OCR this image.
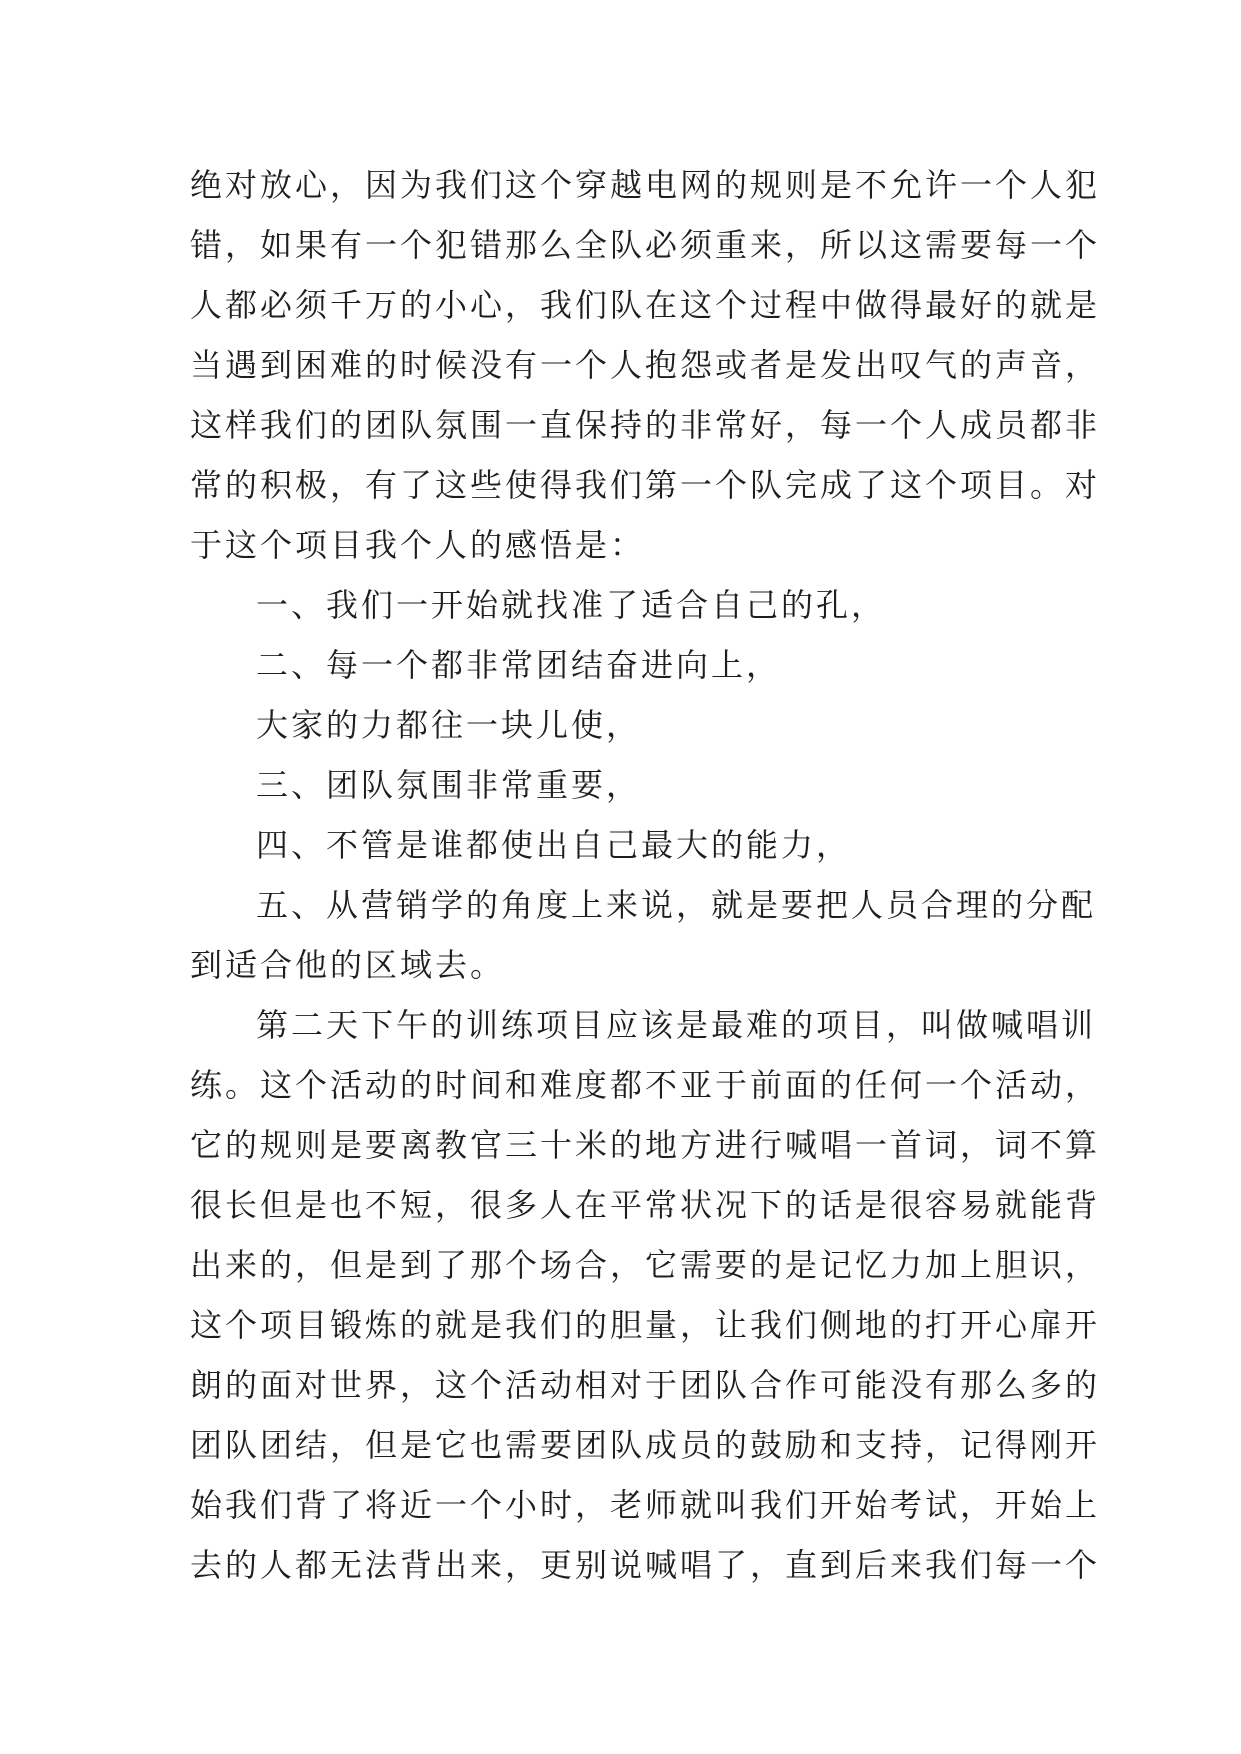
绝对放心，因为我们这个穿越电网的规则是不允许一个人犯
错，如果有一个犯错那么全队必须重来，所以这需要每一个
人都必须千万的小心，我们队在这个过程中做得最好的就是
当遇到困难的时候没有一个人抱怨或者是发出叹气的声音，
这样我们的团队氛围一直保持的非常好，每一个人成员都非
常的积极，有了这些使得我们第一个队完成了这个项目。对
于这个项目我个人的感悟是：
一、我们一开始就找准了适合自己的孔，
二、每一个都非常团结奋进向上，
大家的力都往一块儿使，
三、团队氛围非常重要，
四、不管是谁都使出自己最大的能力，
五、从营销学的角度上来说，就是要把人员合理的分配
到适合他的区域去。
第二天下午的训练项目应该是最难的项目，叫做喊唱训
练。这个活动的时间和难度都不亚于前面的任何一个活动，
它的规则是要离教官三十米的地方进行喊唱一首词，词不算
很长但是也不短，很多人在平常状况下的话是很容易就能背
出来的，但是到了那个场合，它需要的是记忆力加上胆识，
这个项目锻炼的就是我们的胆量，让我们侧地的打开心扉开
朗的面对世界，这个活动相对于团队合作可能没有那么多的
团队团结，但是它也需要团队成员的鼓励和支持，记得刚开
始我们背了将近一个小时，老师就叫我们开始考试，开始上
去的人都无法背出来，更别说喊唱了，直到后来我们每一个
